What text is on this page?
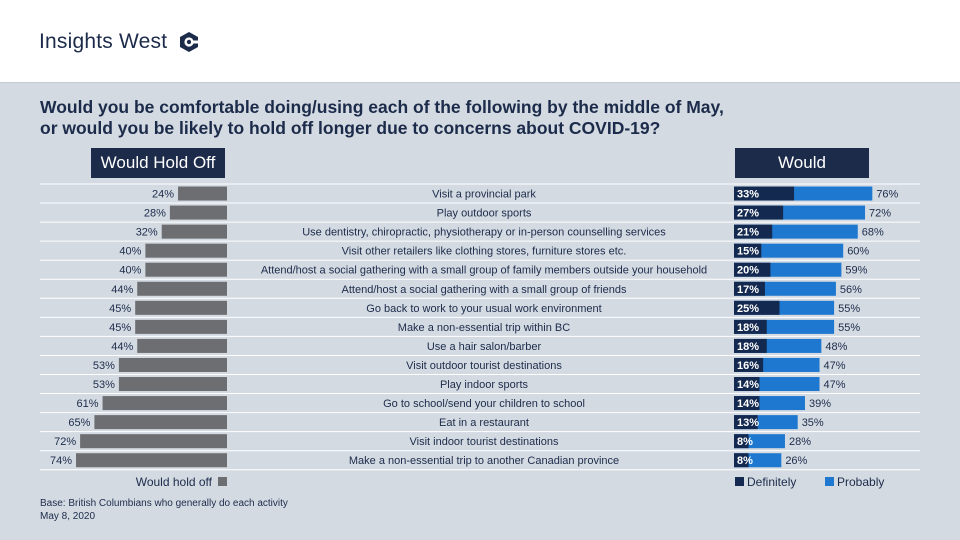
Insights West
Would you be comfortable doing/using each of the following by the middle of May,
or would you be likely to hold off longer due to concerns about COVID-19?
Would Hold Off	Would
24%	Visit a provincial park	33%	76%
28%	Play outdoor sports	27%	72%
32%	Use dentistry, chiropractic, physiotherapy or in-person counselling services	21%	68%
40%	Visit other retailers like clothing stores, furniture stores etc.	15%	60%
40%	Attend/host a social gathering with a small group of family members outside your household	20%	59%
44%	Attend/host a social gathering with a small group of friends	17%	56%
45%	Go back to work to your usual work environment	25%	55%
45%	Make a non-essential trip within BC	18%	55%
44%	Use a hair salon/barber	18%	48%
53%	Visit outdoor tourist destinations	16%	47%
53%	Play indoor sports	14%	47%
61%	Go to school/send your children to school	14%	39%
65%	Eat in a restaurant	13%	35%
72%	Visit indoor tourist destinations	8%	28%
74%	Make a non-essential trip to another Canadian province	8%	26%
Would hold off	Definitely	Probably
Base: British Columbians who generally do each activity
May 8, 2020
